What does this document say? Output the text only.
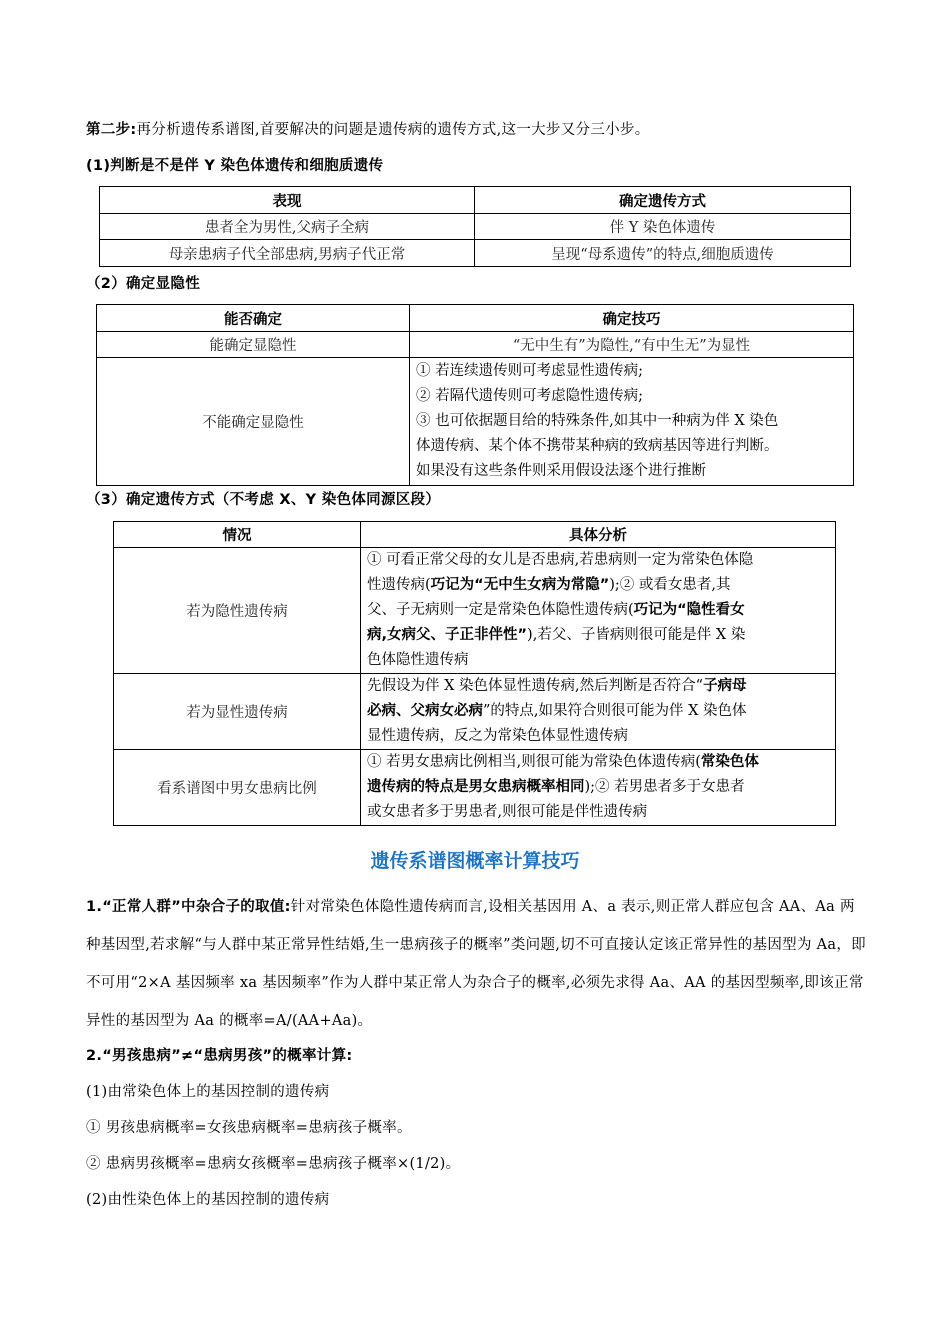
第二步:再分析遗传系谱图,首要解决的问题是遗传病的遗传方式,这一大步又分三小步。
(1)判断是不是伴 Y 染色体遗传和细胞质遗传
表现	确定遗传方式
患者全为男性,父病子全病	伴 Y 染色体遗传
母亲患病子代全部患病,男病子代正常	呈现“母系遗传”的特点,细胞质遗传
（2）确定显隐性
能否确定	确定技巧
能确定显隐性	“无中生有”为隐性,“有中生无”为显性
不能确定显隐性	① 若连续遗传则可考虑显性遗传病;
② 若隔代遗传则可考虑隐性遗传病;
③ 也可依据题目给的特殊条件,如其中一种病为伴 X 染色
体遗传病、某个体不携带某种病的致病基因等进行判断。
如果没有这些条件则采用假设法逐个进行推断
（3）确定遗传方式（不考虑 X、Y 染色体同源区段）
情况	具体分析
若为隐性遗传病	① 可看正常父母的女儿是否患病,若患病则一定为常染色体隐
性遗传病(巧记为“无中生女病为常隐”);② 或看女患者,其
父、子无病则一定是常染色体隐性遗传病(巧记为“隐性看女
病,女病父、子正非伴性”),若父、子皆病则很可能是伴 X 染
色体隐性遗传病

若为显性遗传病	先假设为伴 X 染色体显性遗传病,然后判断是否符合“子病母
必病、父病女必病”的特点,如果符合则很可能为伴 X 染色体
显性遗传病，反之为常染色体显性遗传病

看系谱图中男女患病比例	① 若男女患病比例相当,则很可能为常染色体遗传病(常染色体
遗传病的特点是男女患病概率相同);② 若男患者多于女患者
或女患者多于男患者,则很可能是伴性遗传病
遗传系谱图概率计算技巧
1.“正常人群”中杂合子的取值:针对常染色体隐性遗传病而言,设相关基因用 A、a 表示,则正常人群应包含 AA、Aa 两种基因型,若求解“与人群中某正常异性结婚,生一患病孩子的概率”类问题,切不可直接认定该正常异性的基因型为 Aa，即不可用“2×A 基因频率 xa 基因频率”作为人群中某正常人为杂合子的概率,必须先求得 Aa、AA 的基因型频率,即该正常异性的基因型为 Aa 的概率=A/(AA+Aa)。
2.“男孩患病”≠“患病男孩”的概率计算:
(1)由常染色体上的基因控制的遗传病
① 男孩患病概率=女孩患病概率=患病孩子概率。
② 患病男孩概率=患病女孩概率=患病孩子概率×(1/2)。
(2)由性染色体上的基因控制的遗传病
